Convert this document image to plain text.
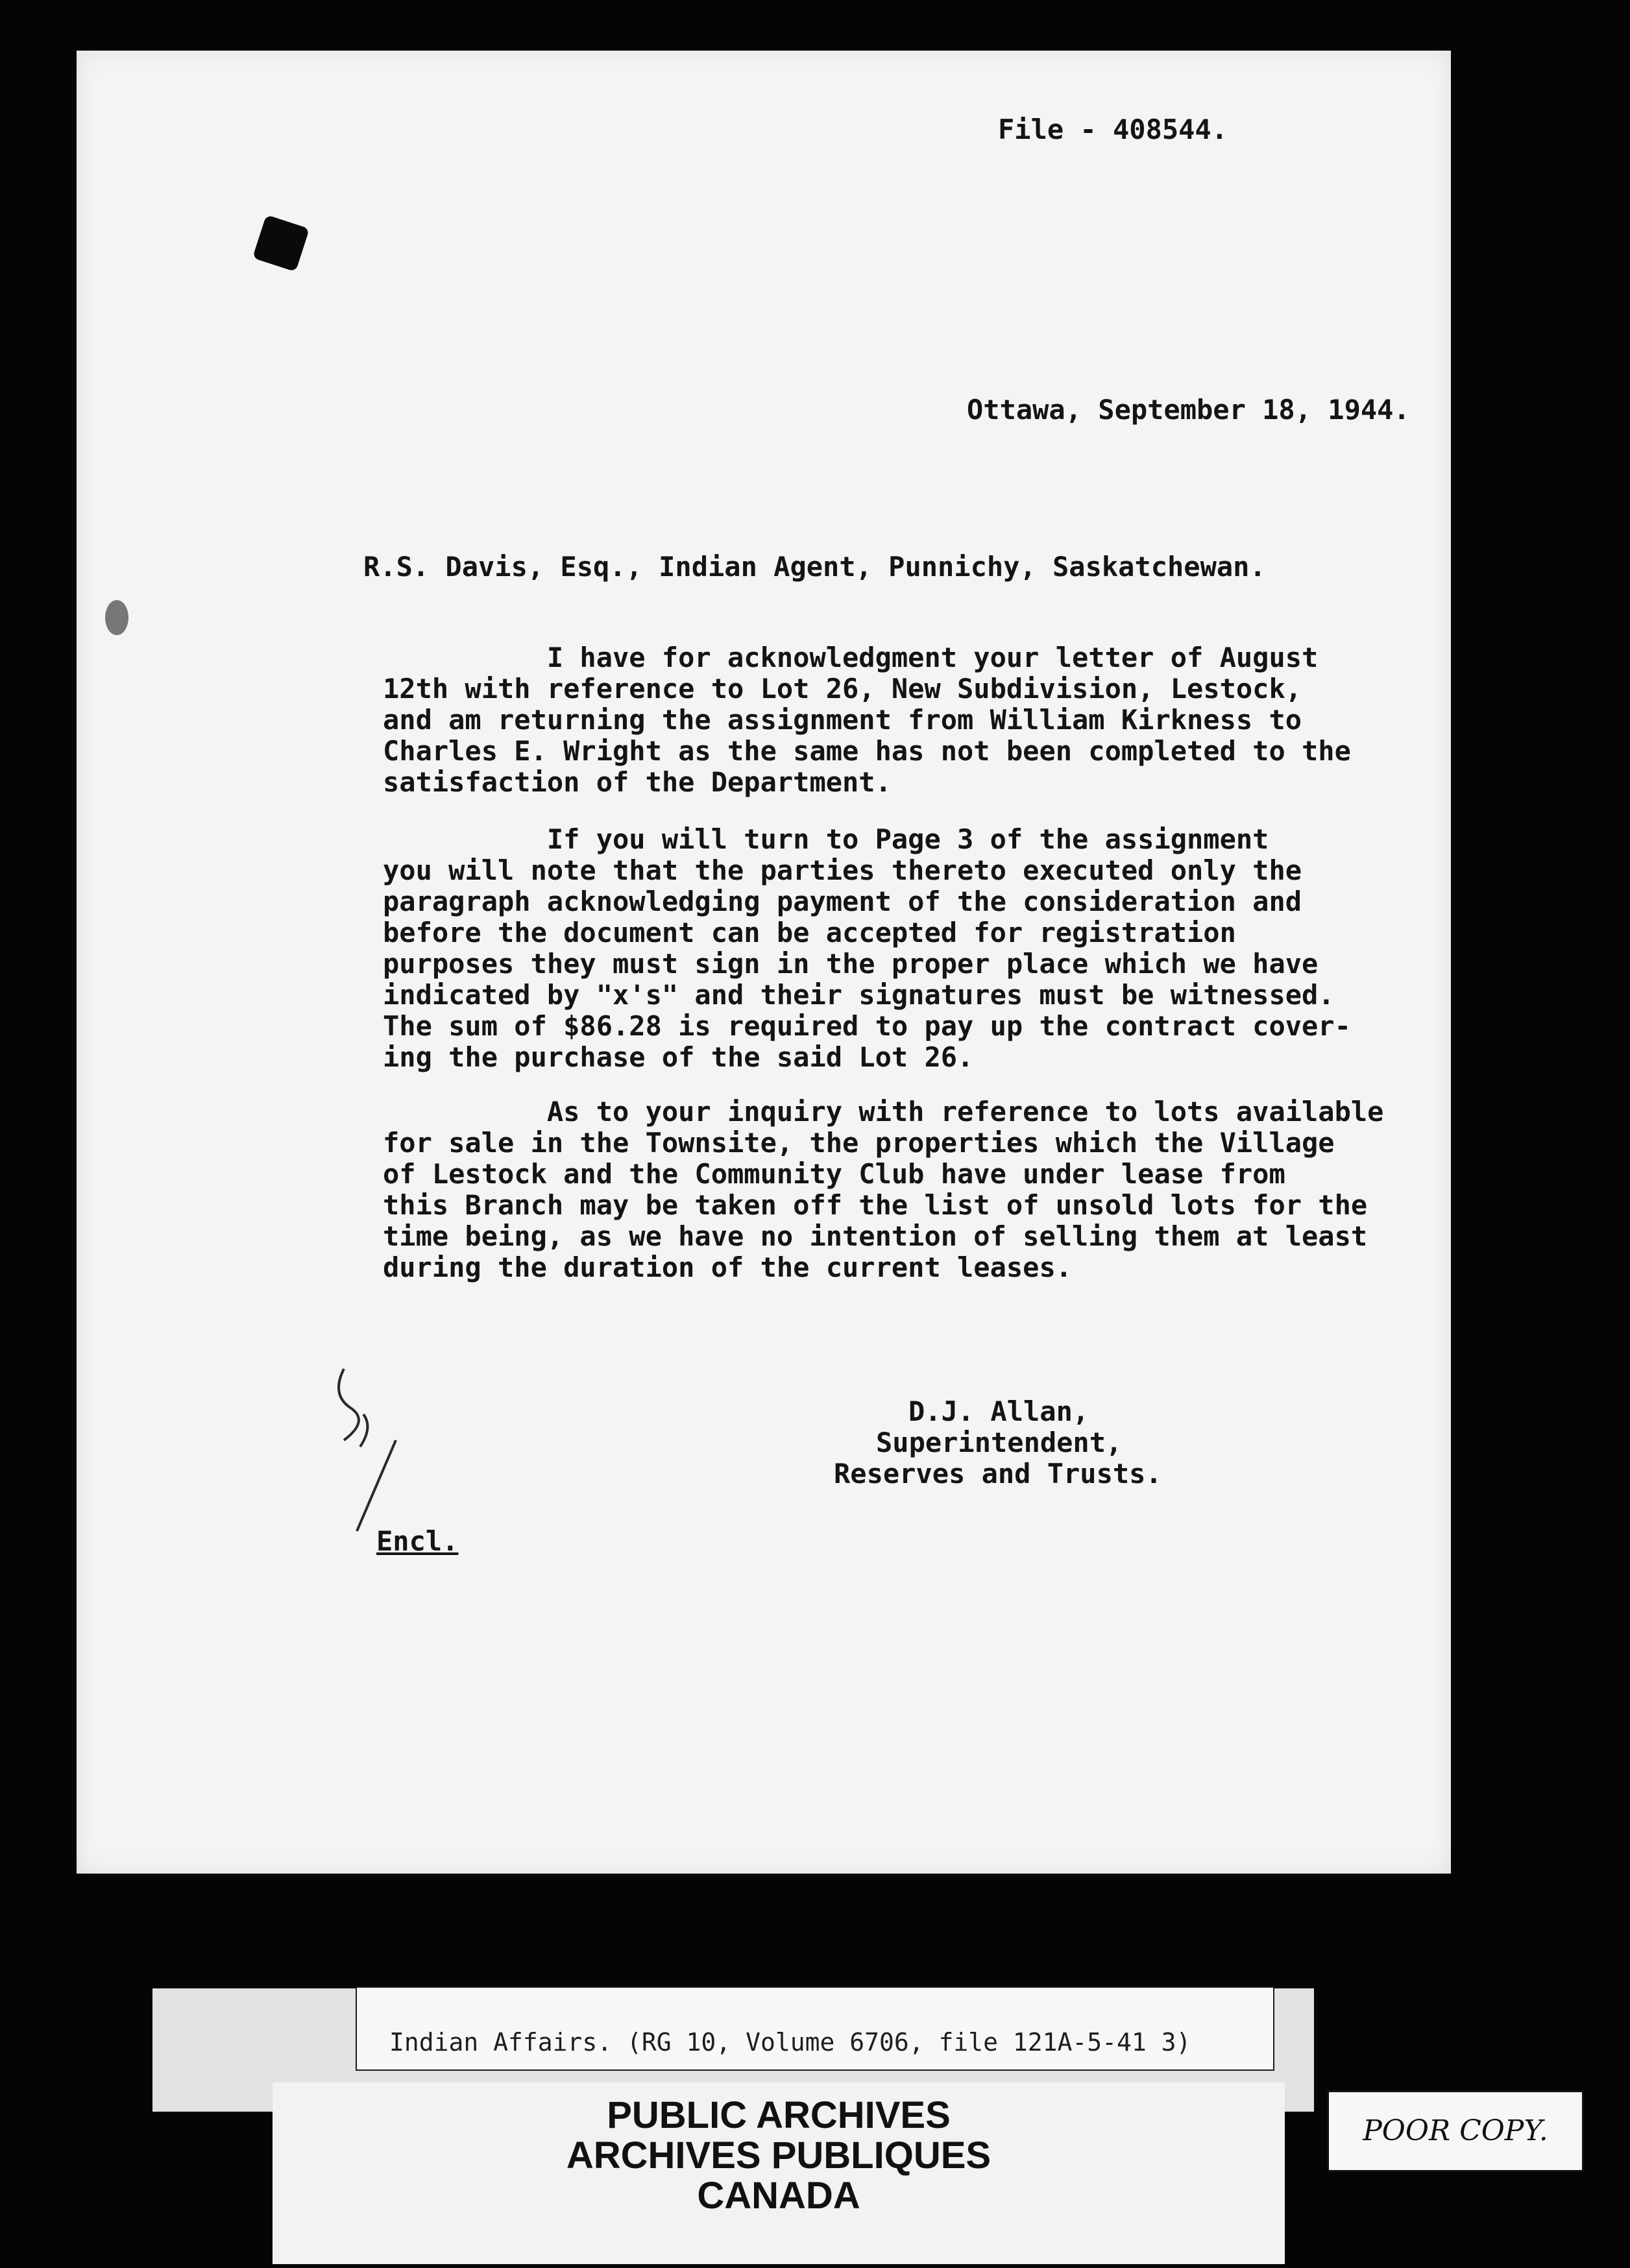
File - 408544.

Ottawa, September 18, 1944.

R.S. Davis, Esq., Indian Agent, Punnichy, Saskatchewan.

I have for acknowledgment your letter of August

12th with reference to Lot 26, New Subdivision, Lestock,

and am returning the assignment from William Kirkness to

Charles E. Wright as the same has not been completed to the

satisfaction of the Department.

If you will turn to Page 3 of the assignment

you will note that the parties thereto executed only the

paragraph acknowledging payment of the consideration and

before the document can be accepted for registration

purposes they must sign in the proper place which we have

indicated by "x's" and their signatures must be witnessed.

The sum of $86.28 is required to pay up the contract cover-

ing the purchase of the said Lot 26.

As to your inquiry with reference to lots available

for sale in the Townsite, the properties which the Village

of Lestock and the Community Club have under lease from

this Branch may be taken off the list of unsold lots for the

time being, as we have no intention of selling them at least

during the duration of the current leases.

D.J. Allan,

Superintendent,

Reserves and Trusts.

Encl.

Indian Affairs. (RG 10, Volume 6706, file 121A-5-41 3)
PUBLIC ARCHIVES
ARCHIVES PUBLIQUES
CANADA
POOR COPY.
